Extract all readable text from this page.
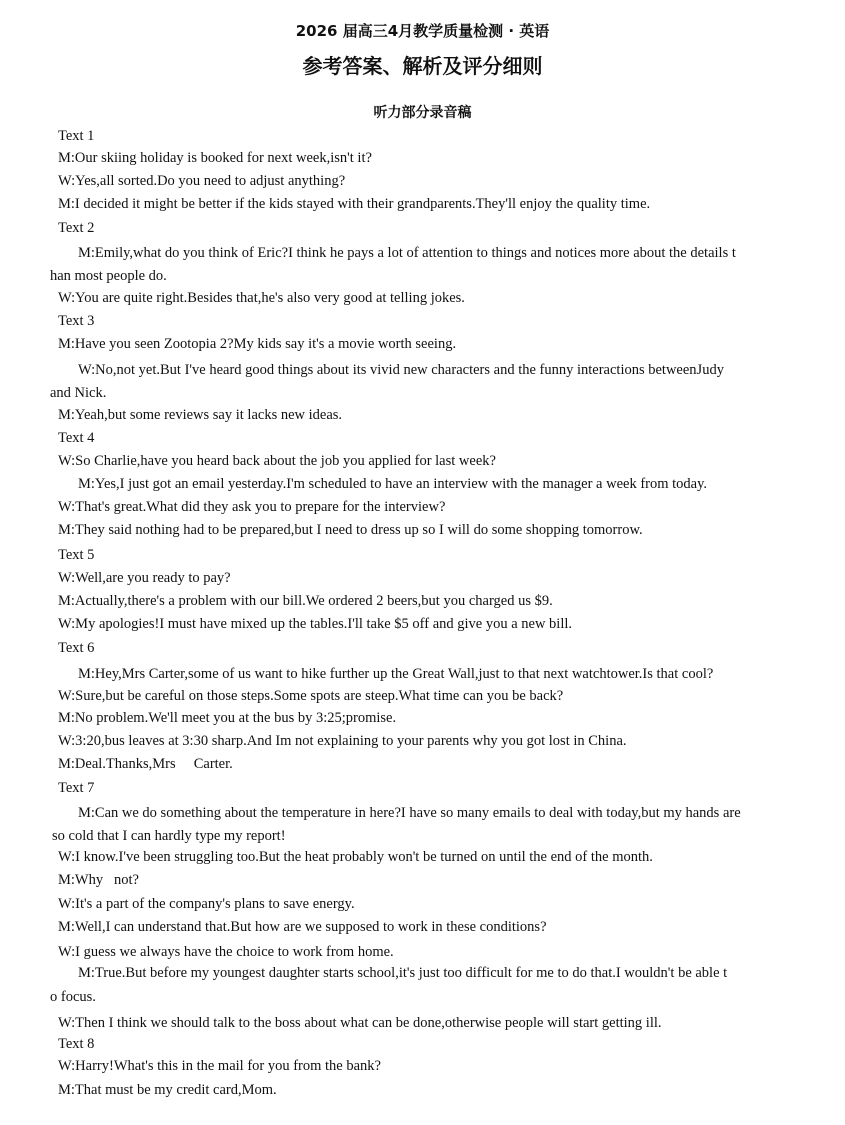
2026 届高三4月教学质量检测 · 英语
参考答案、解析及评分细则
听力部分录音稿
Text 1
M:Our skiing holiday is booked for next week,isn't it?
W:Yes,all sorted.Do you need to adjust anything?
M:I decided it might be better if the kids stayed with their grandparents.They'll enjoy the quality time.
Text 2
M:Emily,what do you think of Eric?I think he pays a lot of attention to things and notices more about the details t
han most people do.
W:You are quite right.Besides that,he's also very good at telling jokes.
Text 3
M:Have you seen Zootopia 2?My kids say it's a movie worth seeing.
W:No,not yet.But I've heard good things about its vivid new characters and the funny interactions betweenJudy
and Nick.
M:Yeah,but some reviews say it lacks new ideas.
Text 4
W:So Charlie,have you heard back about the job you applied for last week?
M:Yes,I just got an email yesterday.I'm scheduled to have an interview with the manager a week from today.
W:That's great.What did they ask you to prepare for the interview?
M:They said nothing had to be prepared,but I need to dress up so I will do some shopping tomorrow.
Text 5
W:Well,are you ready to pay?
M:Actually,there's a problem with our bill.We ordered 2 beers,but you charged us $9.
W:My apologies!I must have mixed up the tables.I'll take $5 off and give you a new bill.
Text 6
M:Hey,Mrs Carter,some of us want to hike further up the Great Wall,just to that next watchtower.Is that cool?
W:Sure,but be careful on those steps.Some spots are steep.What time can you be back?
M:No problem.We'll meet you at the bus by 3:25;promise.
W:3:20,bus leaves at 3:30 sharp.And Im not explaining to your parents why you got lost in China.
M:Deal.Thanks,Mrs     Carter.
Text 7
M:Can we do something about the temperature in here?I have so many emails to deal with today,but my hands are
so cold that I can hardly type my report!
W:I know.I've been struggling too.But the heat probably won't be turned on until the end of the month.
M:Why   not?
W:It's a part of the company's plans to save energy.
M:Well,I can understand that.But how are we supposed to work in these conditions?
W:I guess we always have the choice to work from home.
M:True.But before my youngest daughter starts school,it's just too difficult for me to do that.I wouldn't be able t
o focus.
W:Then I think we should talk to the boss about what can be done,otherwise people will start getting ill.
Text 8
W:Harry!What's this in the mail for you from the bank?
M:That must be my credit card,Mom.
